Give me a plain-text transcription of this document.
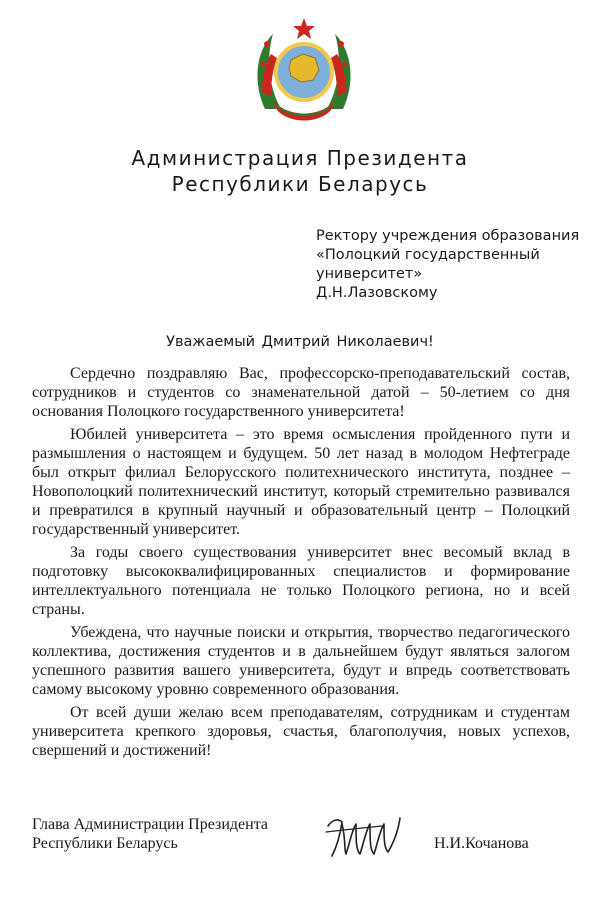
Администрация Президента
Республики Беларусь
Ректору учреждения образования
«Полоцкий государственный
университет»
Д.Н.Лазовскому
Уважаемый Дмитрий Николаевич!

Сердечно поздравляю Вас, профессорско-преподавательский состав, сотрудников и студентов со знаменательной датой – 50-летием со дня основания Полоцкого государственного университета!

Юбилей университета – это время осмысления пройденного пути и размышления о настоящем и будущем. 50 лет назад в молодом Нефтеграде был открыт филиал Белорусского политехнического института, позднее – Новополоцкий политехнический институт, который стремительно развивался и превратился в крупный научный и образовательный центр – Полоцкий государственный университет.

За годы своего существования университет внес весомый вклад в подготовку высококвалифицированных специалистов и формирование интеллектуального потенциала не только Полоцкого региона, но и всей страны.

Убеждена, что научные поиски и открытия, творчество педагогического коллектива, достижения студентов и в дальнейшем будут являться залогом успешного развития вашего университета, будут и впредь соответствовать самому высокому уровню современного образования.

От всей души желаю всем преподавателям, сотрудникам и студентам университета крепкого здоровья, счастья, благополучия, новых успехов, свершений и достижений!

Глава Администрации Президента
Республики Беларусь	Н.И.Кочанова
